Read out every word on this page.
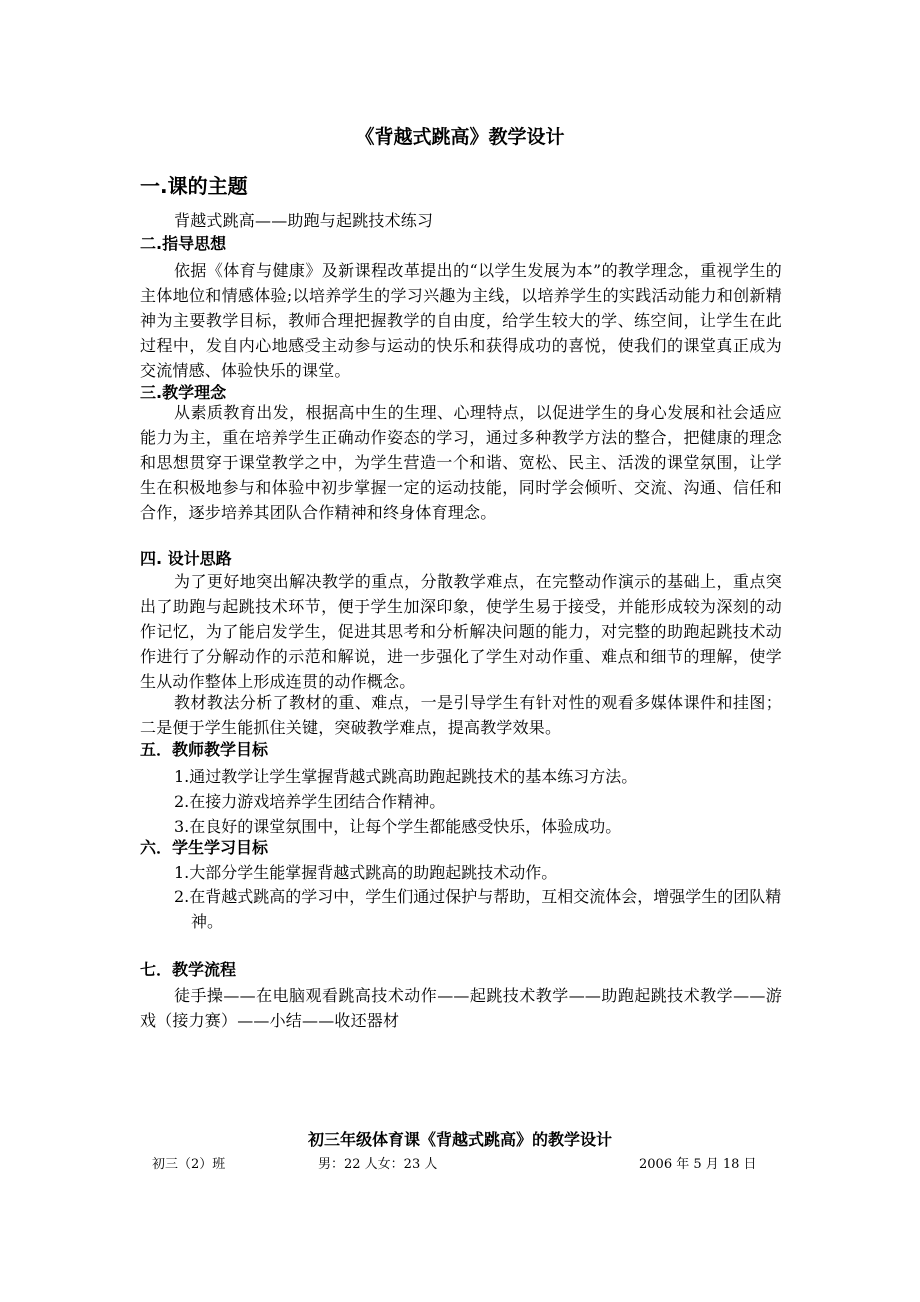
《背越式跳高》教学设计
一.课的主题

背越式跳高——助跑与起跳技术练习

二.指导思想

依据《体育与健康》及新课程改革提出的“以学生发展为本”的教学理念，重视学生的主体地位和情感体验;以培养学生的学习兴趣为主线，以培养学生的实践活动能力和创新精神为主要教学目标，教师合理把握教学的自由度，给学生较大的学、练空间，让学生在此过程中，发自内心地感受主动参与运动的快乐和获得成功的喜悦，使我们的课堂真正成为交流情感、体验快乐的课堂。

三.教学理念

从素质教育出发，根据高中生的生理、心理特点，以促进学生的身心发展和社会适应能力为主，重在培养学生正确动作姿态的学习，通过多种教学方法的整合，把健康的理念和思想贯穿于课堂教学之中，为学生营造一个和谐、宽松、民主、活泼的课堂氛围，让学生在积极地参与和体验中初步掌握一定的运动技能，同时学会倾听、交流、沟通、信任和合作，逐步培养其团队合作精神和终身体育理念。

四. 设计思路

为了更好地突出解决教学的重点，分散教学难点，在完整动作演示的基础上，重点突出了助跑与起跳技术环节，便于学生加深印象，使学生易于接受，并能形成较为深刻的动作记忆，为了能启发学生，促进其思考和分析解决问题的能力，对完整的助跑起跳技术动作进行了分解动作的示范和解说，进一步强化了学生对动作重、难点和细节的理解，使学生从动作整体上形成连贯的动作概念。

教材教法分析了教材的重、难点，一是引导学生有针对性的观看多媒体课件和挂图；二是便于学生能抓住关键，突破教学难点，提高教学效果。

五．教师教学目标

1.通过教学让学生掌握背越式跳高助跑起跳技术的基本练习方法。

2.在接力游戏培养学生团结合作精神。

3.在良好的课堂氛围中，让每个学生都能感受快乐，体验成功。

六．学生学习目标

1.大部分学生能掌握背越式跳高的助跑起跳技术动作。

2.在背越式跳高的学习中，学生们通过保护与帮助，互相交流体会，增强学生的团队精神。

七．教学流程

徒手操——在电脑观看跳高技术动作——起跳技术教学——助跑起跳技术教学——游戏（接力赛）——小结——收还器材

初三年级体育课《背越式跳高》的教学设计

初三（2）班	男：22 人女：23 人	2006 年 5 月 18 日
